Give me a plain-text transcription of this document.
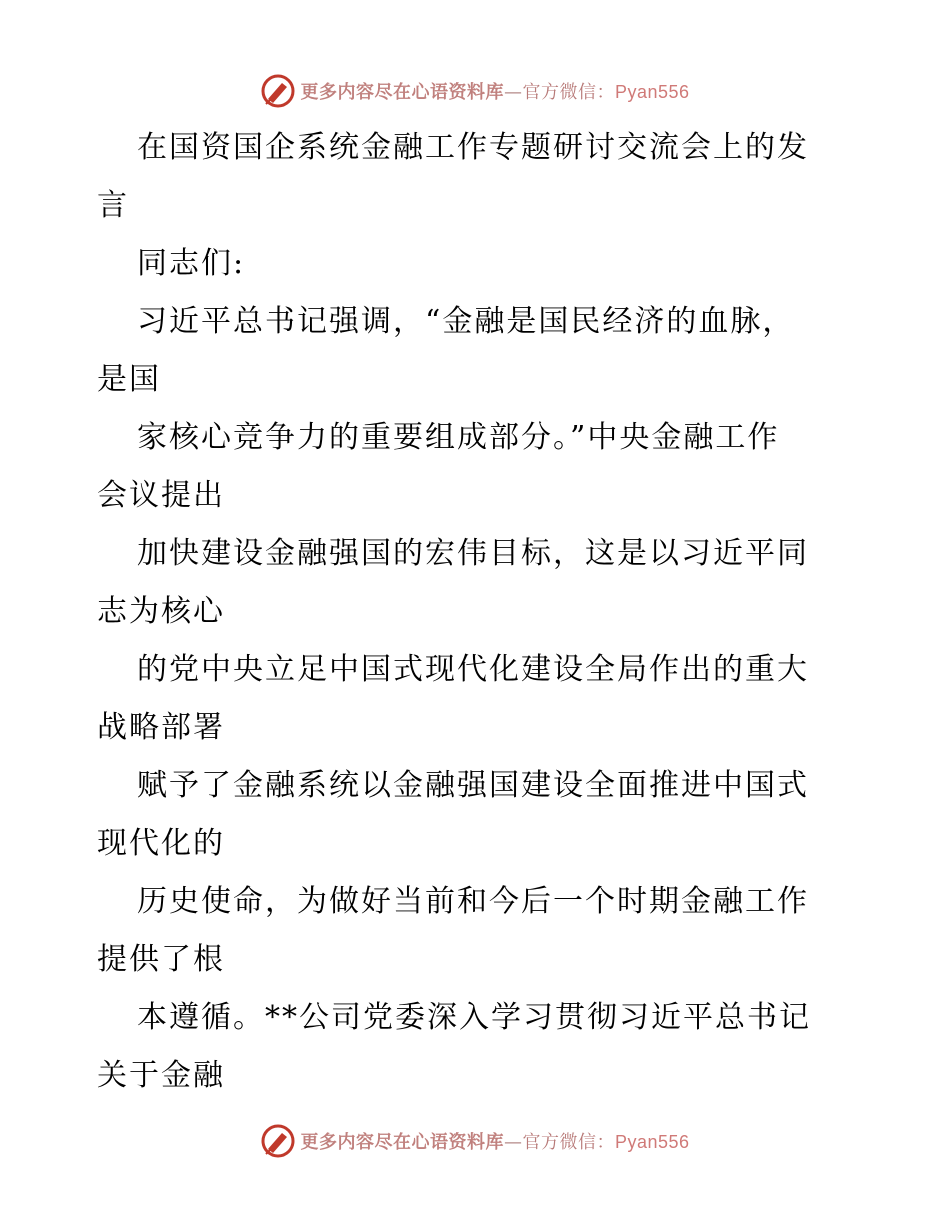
更多内容尽在心语资料库—官方微信：Pyan556
在国资国企系统金融工作专题研讨交流会上的发
言
同志们:
习近平总书记强调，“金融是国民经济的血脉，
是国
家核心竞争力的重要组成部分。”中央金融工作
会议提出
加快建设金融强国的宏伟目标，这是以习近平同
志为核心
的党中央立足中国式现代化建设全局作出的重大
战略部署
赋予了金融系统以金融强国建设全面推进中国式
现代化的
历史使命，为做好当前和今后一个时期金融工作
提供了根
本遵循。**公司党委深入学习贯彻习近平总书记
关于金融
更多内容尽在心语资料库—官方微信：Pyan556
